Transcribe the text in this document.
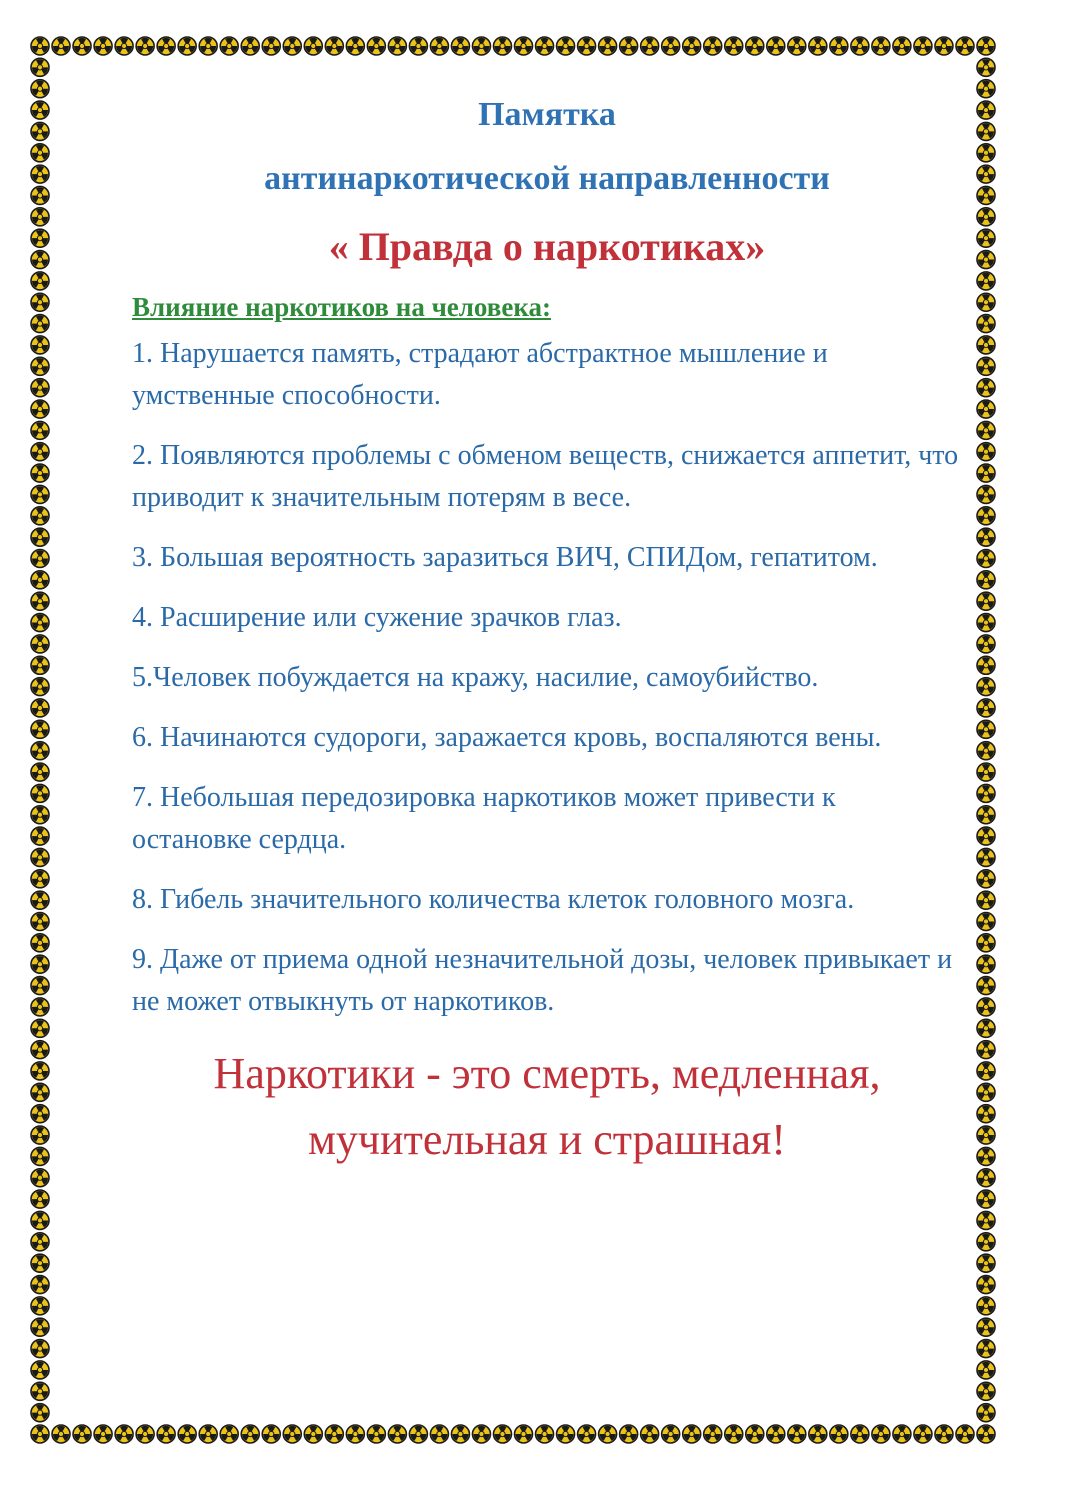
Памятка

антинаркотической направленности

« Правда о наркотиках»

Влияние наркотиков на человека:

1. Нарушается память, страдают абстрактное мышление и умственные способности.
2. Появляются проблемы с обменом веществ, снижается аппетит, что приводит к значительным потерям в весе.
3. Большая вероятность заразиться ВИЧ, СПИДом, гепатитом.
4. Расширение или сужение зрачков глаз.
5.Человек побуждается на кражу, насилие, самоубийство.
6. Начинаются судороги, заражается кровь, воспаляются вены.
7. Небольшая передозировка наркотиков может привести к остановке сердца.
8. Гибель значительного количества клеток головного мозга.
9. Даже от приема одной незначительной дозы, человек привыкает и не может отвыкнуть от наркотиков.
Наркотики - это смерть, медленная,
мучительная и страшная!
